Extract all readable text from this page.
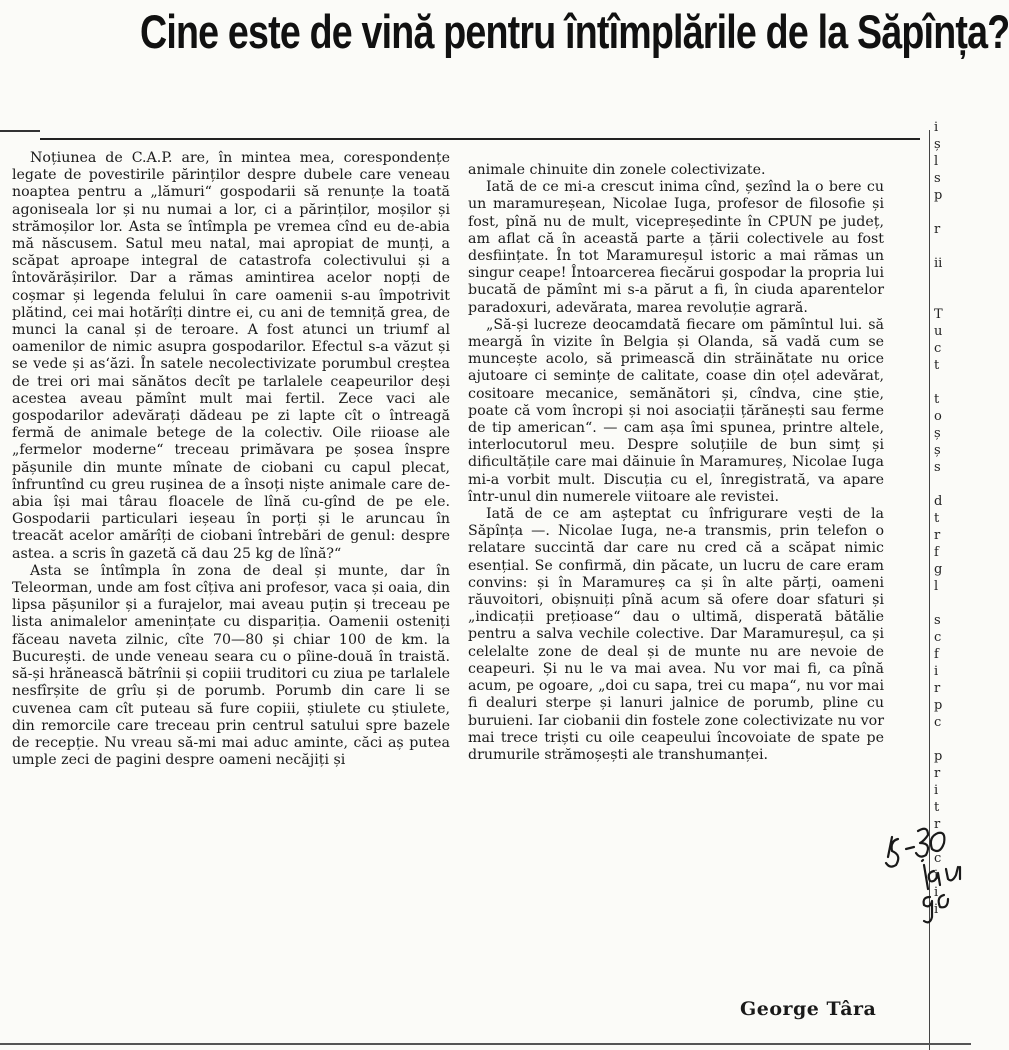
Cine este de vină pentru întîmplările de la Săpînța?

Noțiunea de C.A.P. are, în mintea mea, corespondențe legate de povestirile părinților despre dubele care veneau noaptea pentru a „lămuri“ gospodarii să renunțe la toată agoniseala lor și nu numai a lor, ci a părinților, moșilor și strămoșilor lor. Asta se întîmpla pe vremea cînd eu de-abia mă născusem. Satul meu natal, mai apropiat de munți, a scăpat aproape integral de catastrofa colectivului și a întovărășirilor. Dar a rămas amintirea acelor nopți de coșmar și legenda felului în care oamenii s-au împotrivit plătind, cei mai hotărîți dintre ei, cu ani de temniță grea, de munci la canal și de teroare. A fost atunci un triumf al oamenilor de nimic asupra gospodarilor. Efectul s-a văzut și se vede și as‘ăzi. În satele necolectivizate porumbul creștea de trei ori mai sănătos decît pe tarlalele ceapeurilor deși acestea aveau pămînt mult mai fertil. Zece vaci ale gospodarilor adevărați dădeau pe zi lapte cît o întreagă fermă de animale betege de la colectiv. Oile riioase ale „fermelor moderne“ treceau primăvara pe șosea înspre pășunile din munte mînate de ciobani cu capul plecat, înfruntînd cu greu rușinea de a însoți niște animale care de-abia își mai târau floacele de lînă cu-gînd de pe ele. Gospodarii particulari ieșeau în porți și le aruncau în treacăt acelor amărîți de ciobani întrebări de genul: despre astea. a scris în gazetă că dau 25 kg de lînă?“

Asta se întîmpla în zona de deal și munte, dar în Teleorman, unde am fost cîțiva ani profesor, vaca și oaia, din lipsa pășunilor și a furajelor, mai aveau puțin și treceau pe lista animalelor amenințate cu dispariția. Oamenii osteniți făceau naveta zilnic, cîte 70—80 și chiar 100 de km. la București. de unde veneau seara cu o pîine-două în traistă. să-și hrănească bătrînii și copiii truditori cu ziua pe tarlalele nesfîrșite de grîu și de porumb. Porumb din care li se cuvenea cam cît puteau să fure copiii, știulete cu știulete, din remorcile care treceau prin centrul satului spre bazele de recepție. Nu vreau să-mi mai aduc aminte, căci aș putea umple zeci de pagini despre oameni necăjiți și

animale chinuite din zonele colectivizate.

Iată de ce mi-a crescut inima cînd, șezînd la o bere cu un maramureșean, Nicolae Iuga, profesor de filosofie și fost, pînă nu de mult, vicepreședinte în CPUN pe județ, am aflat că în această parte a țării colectivele au fost desființate. În tot Maramureșul istoric a mai rămas un singur ceape! Întoarcerea fiecărui gospodar la propria lui bucată de pămînt mi s-a părut a fi, în ciuda aparentelor paradoxuri, adevărata, marea revoluție agrară.

„Să-și lucreze deocamdată fiecare om pămîntul lui. să meargă în vizite în Belgia și Olanda, să vadă cum se muncește acolo, să primească din străinătate nu orice ajutoare ci semințe de calitate, coase din oțel adevărat, cositoare mecanice, semănători și, cîndva, cine știe, poate că vom încropi și noi asociații țărănești sau ferme de tip american“. — cam așa îmi spunea, printre altele, interlocutorul meu. Despre soluțiile de bun simț și dificultățile care mai dăinuie în Maramureș, Nicolae Iuga mi-a vorbit mult. Discuția cu el, înregistrată, va apare într-unul din numerele viitoare ale revistei.

Iată de ce am așteptat cu înfrigurare vești de la Săpînța —. Nicolae Iuga, ne-a transmis, prin telefon o relatare succintă dar care nu cred că a scăpat nimic esențial. Se confirmă, din păcate, un lucru de care eram convins: și în Maramureș ca și în alte părți, oameni răuvoitori, obișnuiți pînă acum să ofere doar sfaturi și „indicații prețioase“ dau o ultimă, disperată bătălie pentru a salva vechile colective. Dar Maramureșul, ca și celelalte zone de deal și de munte nu are nevoie de ceapeuri. Și nu le va mai avea. Nu vor mai fi, ca pînă acum, pe ogoare, „doi cu sapa, trei cu mapa“, nu vor mai fi dealuri sterpe și lanuri jalnice de porumb, pline cu buruieni. Iar ciobanii din fostele zone colectivizate nu vor mai trece triști cu oile ceapeului încovoiate de spate pe drumurile strămoșești ale transhumanței.

George Târa
i
ș
l
s
p
r
ii
T
u
c
t
t
o
ș
ș
s
d
t
r
f
g
l
s
c
f
i
r
p
c
p
r
i
t
r
c
i
i
i
